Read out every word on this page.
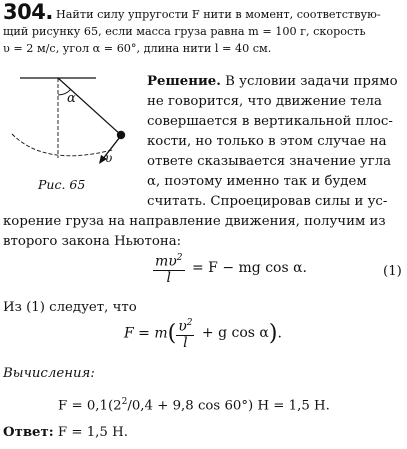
304. Найти силу упругости F нити в момент, соответствую-
щий рисунку 65, если масса груза равна m = 100 г, скорость
υ = 2 м/с, угол α = 60°, длина нити l = 40 см.
α
υ
Рис. 65
Решение. В условии задачи прямо
не говорится, что движение тела
совершается в вертикальной плос-
кости, но только в этом случае на
ответе сказывается значение угла
α, поэтому именно так и будем
считать. Спроецировав силы и ус-
корение груза на направление движения, получим из
второго закона Ньютона:
$\frac{m\upsilon^2}{l} = F$ − mg cos α.	(1)
Из (1) следует, что
$F = m( \frac{\upsilon^2}{l} + g$ cos α).
Вычисления:
$F = 0,1(2^2/0,4 + 9,8$ cos 60°) Н = 1,5 Н.
Ответ: F = 1,5 Н.
